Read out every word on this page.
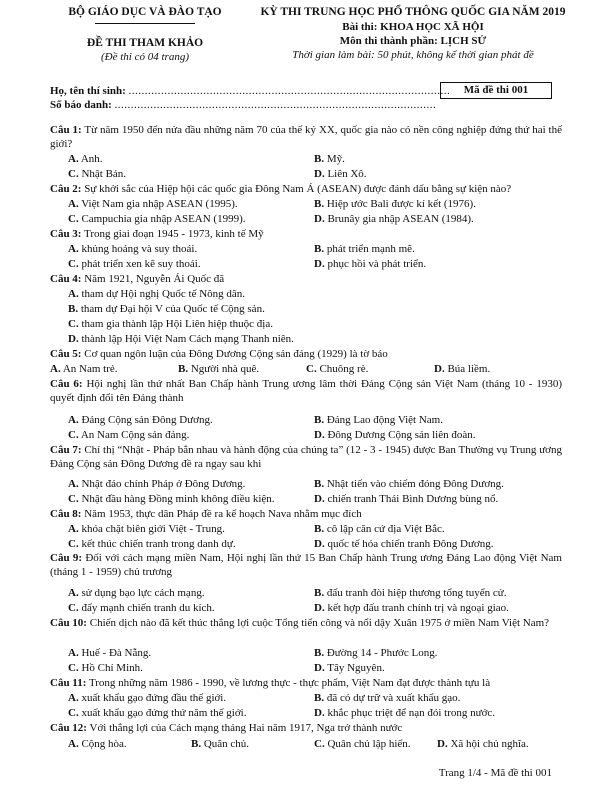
BỘ GIÁO DỤC VÀ ĐÀO TẠO
ĐỀ THI THAM KHẢO
(Đề thi có 04 trang)
KỲ THI TRUNG HỌC PHỔ THÔNG QUỐC GIA NĂM 2019
Bài thi: KHOA HỌC XÃ HỘI
Môn thi thành phần: LỊCH SỬ
Thời gian làm bài: 50 phút, không kể thời gian phát đề
Họ, tên thí sinh: ...................................................................................................
Số báo danh: ...................................................................................................
Mã đề thi 001
Câu 1: Từ năm 1950 đến nửa đầu những năm 70 của thế kỷ XX, quốc gia nào có nền công nghiệp đứng thứ hai thế giới?
A. Anh.	B. Mỹ.
C. Nhật Bản.	D. Liên Xô.
Câu 2: Sự khởi sắc của Hiệp hội các quốc gia Đông Nam Á (ASEAN) được đánh dấu bằng sự kiện nào?
A. Việt Nam gia nhập ASEAN (1995).	B. Hiệp ước Bali được kí kết (1976).
C. Campuchia gia nhập ASEAN (1999).	D. Brunây gia nhập ASEAN (1984).
Câu 3: Trong giai đoạn 1945 - 1973, kinh tế Mỹ
A. khủng hoảng và suy thoái.	B. phát triển mạnh mẽ.
C. phát triển xen kẽ suy thoái.	D. phục hồi và phát triển.
Câu 4: Năm 1921, Nguyễn Ái Quốc đã
A. tham dự Hội nghị Quốc tế Nông dân.
B. tham dự Đại hội V của Quốc tế Cộng sản.
C. tham gia thành lập Hội Liên hiệp thuộc địa.
D. thành lập Hội Việt Nam Cách mạng Thanh niên.
Câu 5: Cơ quan ngôn luận của Đông Dương Cộng sản đảng (1929) là tờ báo
A. An Nam trẻ.	B. Người nhà quê.	C. Chuông rè.	D. Búa liềm.
Câu 6: Hội nghị lần thứ nhất Ban Chấp hành Trung ương lâm thời Đảng Cộng sản Việt Nam (tháng 10 - 1930) quyết định đổi tên Đảng thành
A. Đảng Cộng sản Đông Dương.	B. Đảng Lao động Việt Nam.
C. An Nam Cộng sản đảng.	D. Đông Dương Cộng sản liên đoàn.
Câu 7: Chỉ thị “Nhật - Pháp bắn nhau và hành động của chúng ta” (12 - 3 - 1945) được Ban Thường vụ Trung ương Đảng Cộng sản Đông Dương đề ra ngay sau khi
A. Nhật đảo chính Pháp ở Đông Dương.	B. Nhật tiến vào chiếm đóng Đông Dương.
C. Nhật đầu hàng Đồng minh không điều kiện.	D. chiến tranh Thái Bình Dương bùng nổ.
Câu 8: Năm 1953, thực dân Pháp đề ra kế hoạch Nava nhằm mục đích
A. khóa chặt biên giới Việt - Trung.	B. cô lập căn cứ địa Việt Bắc.
C. kết thúc chiến tranh trong danh dự.	D. quốc tế hóa chiến tranh Đông Dương.
Câu 9: Đối với cách mạng miền Nam, Hội nghị lần thứ 15 Ban Chấp hành Trung ương Đảng Lao động Việt Nam (tháng 1 - 1959) chủ trương
A. sử dụng bạo lực cách mạng.	B. đấu tranh đòi hiệp thương tổng tuyển cử.
C. đẩy mạnh chiến tranh du kích.	D. kết hợp đấu tranh chính trị và ngoại giao.
Câu 10: Chiến dịch nào đã kết thúc thắng lợi cuộc Tổng tiến công và nổi dậy Xuân 1975 ở miền Nam Việt Nam?
A. Huế - Đà Nẵng.	B. Đường 14 - Phước Long.
C. Hồ Chí Minh.	D. Tây Nguyên.
Câu 11: Trong những năm 1986 - 1990, về lương thực - thực phẩm, Việt Nam đạt được thành tựu là
A. xuất khẩu gạo đứng đầu thế giới.	B. đã có dự trữ và xuất khẩu gạo.
C. xuất khẩu gạo đứng thứ năm thế giới.	D. khắc phục triệt để nạn đói trong nước.
Câu 12: Với thắng lợi của Cách mạng tháng Hai năm 1917, Nga trở thành nước
A. Cộng hòa.	B. Quân chủ.	C. Quân chủ lập hiến. D. Xã hội chủ nghĩa.
Trang 1/4 - Mã đề thi 001
